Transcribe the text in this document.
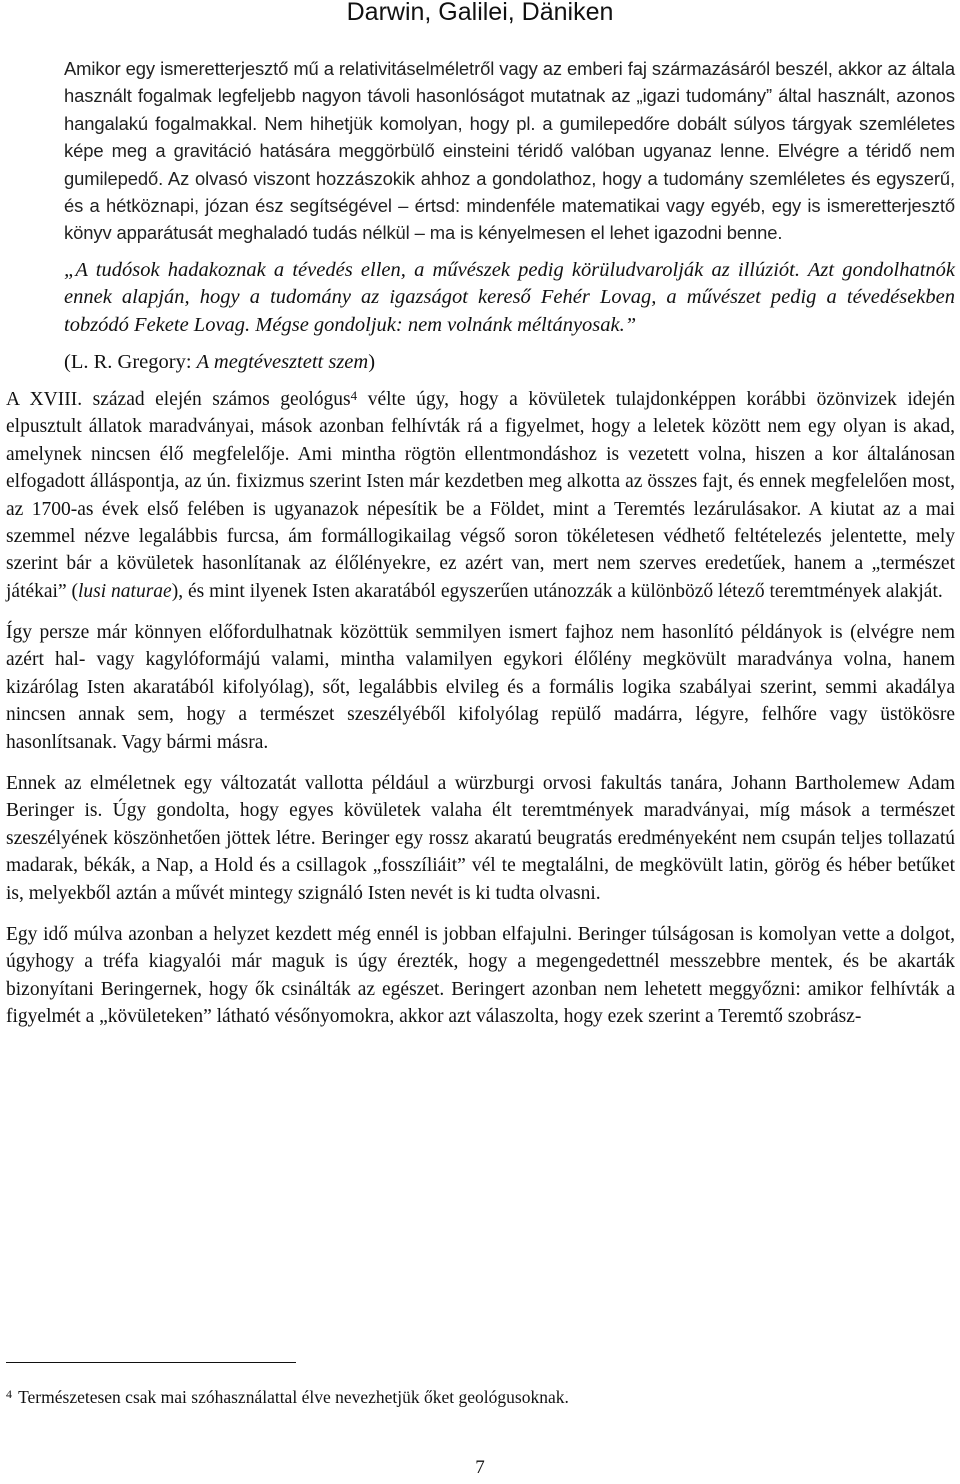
Darwin, Galilei, Däniken

Amikor egy ismeretterjesztő mű a relativitáselméletről vagy az emberi faj származásáról beszél, akkor az általa használt fogalmak legfeljebb nagyon távoli hasonlóságot mutatnak az „igazi tudomány” által használt, azonos hangalakú fogalmakkal. Nem hihetjük komolyan, hogy pl. a gumilepedőre dobált súlyos tárgyak szemléletes képe meg a gravitáció hatására meggörbülő einsteini téridő valóban ugyanaz lenne. Elvégre a téridő nem gumilepedő. Az olvasó viszont hozzászokik ahhoz a gondolathoz, hogy a tudomány szemléletes és egyszerű, és a hétköznapi, józan ész segítségével – értsd: mindenféle matematikai vagy egyéb, egy is ismeretterjesztő könyv apparátusát meghaladó tudás nélkül – ma is kényelmesen el lehet igazodni benne.

„A tudósok hadakoznak a tévedés ellen, a művészek pedig körüludvarolják az illúziót. Azt gondolhatnók ennek alapján, hogy a tudomány az igazságot kereső Fehér Lovag, a művészet pedig a tévedésekben tobzódó Fekete Lovag. Mégse gondoljuk: nem volnánk méltányosak.”

(L. R. Gregory: A megtévesztett szem)

A XVIII. század elején számos geológus$^4$ vélte úgy, hogy a kövületek tulajdonképpen korábbi özönvizek idején elpusztult állatok maradványai, mások azonban felhívták rá a figyelmet, hogy a leletek között nem egy olyan is akad, amelynek nincsen élő megfelelője. Ami mintha rögtön ellentmondáshoz is vezetett volna, hiszen a kor általánosan elfogadott álláspontja, az ún. fixizmus szerint Isten már kezdetben meg alkotta az összes fajt, és ennek megfelelően most, az 1700-as évek első felében is ugyanazok népesítik be a Földet, mint a Teremtés lezárulásakor. A kiutat az a mai szemmel nézve legalábbis furcsa, ám formállogikailag végső soron tökéletesen védhető feltételezés jelentette, mely szerint bár a kövületek hasonlítanak az élőlényekre, ez azért van, mert nem szerves eredetűek, hanem a „természet játékai” (lusi naturae), és mint ilyenek Isten akaratából egyszerűen utánozzák a különböző létező teremtmények alakját.

Így persze már könnyen előfordulhatnak közöttük semmilyen ismert fajhoz nem hasonlító példányok is (elvégre nem azért hal- vagy kagylóformájú valami, mintha valamilyen egykori élőlény megkövült maradványa volna, hanem kizárólag Isten akaratából kifolyólag), sőt, legalábbis elvileg és a formális logika szabályai szerint, semmi akadálya nincsen annak sem, hogy a természet szeszélyéből kifolyólag repülő madárra, légyre, felhőre vagy üstökösre hasonlítsanak. Vagy bármi másra.

Ennek az elméletnek egy változatát vallotta például a würzburgi orvosi fakultás tanára, Johann Bartholemew Adam Beringer is. Úgy gondolta, hogy egyes kövületek valaha élt teremtmények maradványai, míg mások a természet szeszélyének köszönhetően jöttek létre. Beringer egy rossz akaratú beugratás eredményeként nem csupán teljes tollazatú madarak, békák, a Nap, a Hold és a csillagok „fosszíliáit” vél te megtalálni, de megkövült latin, görög és héber betűket is, melyekből aztán a művét mintegy szignáló Isten nevét is ki tudta olvasni.

Egy idő múlva azonban a helyzet kezdett még ennél is jobban elfajulni. Beringer túlságosan is komolyan vette a dolgot, úgyhogy a tréfa kiagyalói már maguk is úgy érezték, hogy a megengedettnél messzebbre mentek, és be akarták bizonyítani Beringernek, hogy ők csinálták az egészet. Beringert azonban nem lehetett meggyőzni: amikor felhívták a figyelmét a „kövületeken” látható vésőnyomokra, akkor azt válaszolta, hogy ezek szerint a Teremtő szobrász-

$^4$ Természetesen csak mai szóhasználattal élve nevezhetjük őket geológusoknak.

7
